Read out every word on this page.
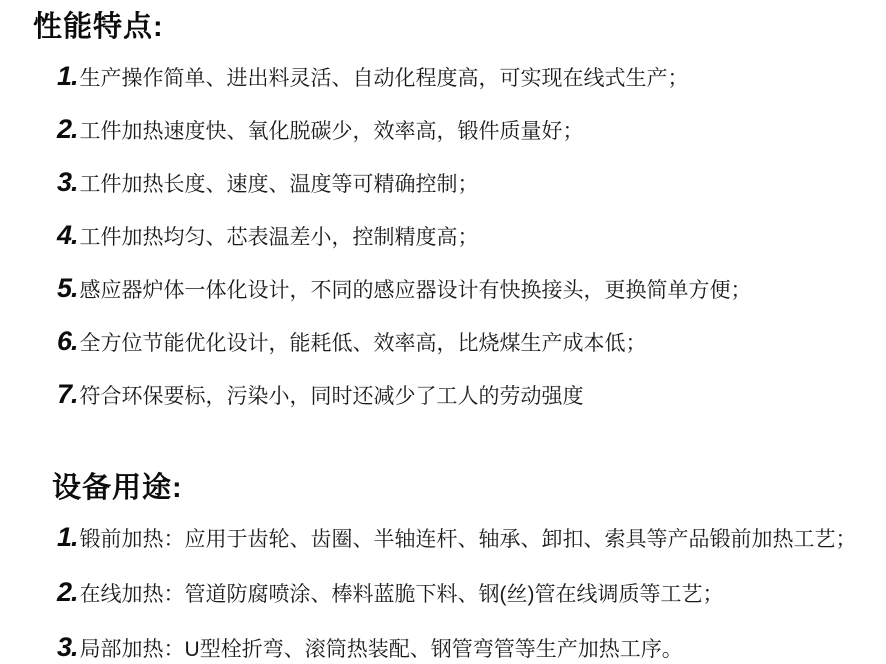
性能特点:
1. 生产操作简单、进出料灵活、自动化程度高，可实现在线式生产；
2. 工件加热速度快、氧化脱碳少，效率高，锻件质量好；
3. 工件加热长度、速度、温度等可精确控制；
4. 工件加热均匀、芯表温差小，控制精度高；
5. 感应器炉体一体化设计，不同的感应器设计有快换接头，更换简单方便；
6. 全方位节能优化设计，能耗低、效率高，比烧煤生产成本低；
7. 符合环保要标，污染小，同时还减少了工人的劳动强度
设备用途:
1. 锻前加热：应用于齿轮、齿圈、半轴连杆、轴承、卸扣、索具等产品锻前加热工艺；
2. 在线加热：管道防腐喷涂、棒料蓝脆下料、钢(丝)管在线调质等工艺；
3. 局部加热：U型栓折弯、滚筒热装配、钢管弯管等生产加热工序。
